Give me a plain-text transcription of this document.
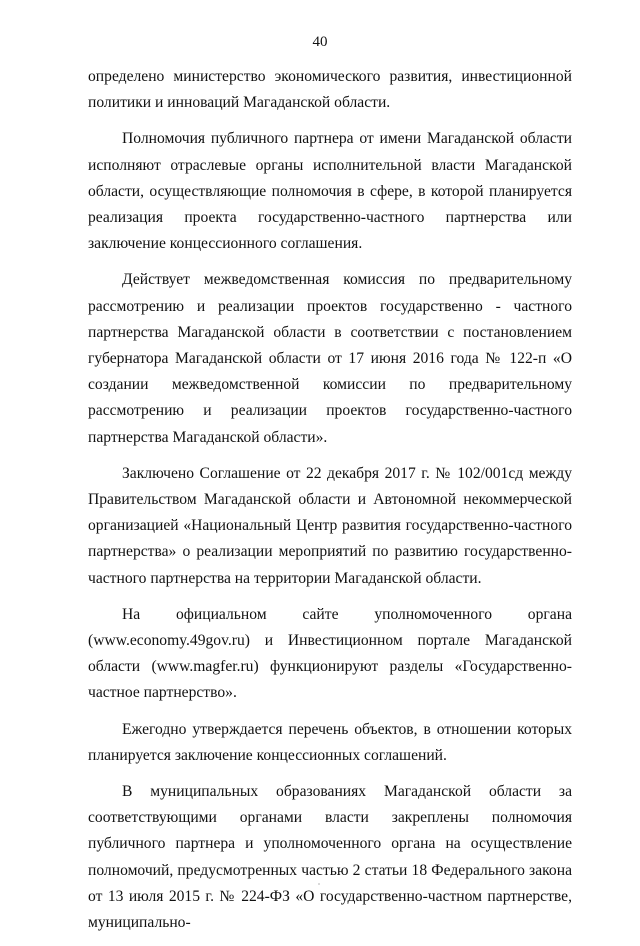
40

определено министерство экономического развития, инвестиционной политики и инноваций Магаданской области.

Полномочия публичного партнера от имени Магаданской области исполняют отраслевые органы исполнительной власти Магаданской области, осуществляющие полномочия в сфере, в которой планируется реализация проекта государственно-частного партнерства или заключение концессионного соглашения.

Действует межведомственная комиссия по предварительному рассмотрению и реализации проектов государственно - частного партнерства Магаданской области в соответствии с постановлением губернатора Магаданской области от 17 июня 2016 года № 122-п «О создании межведомственной комиссии по предварительному рассмотрению и реализации проектов государственно-частного партнерства Магаданской области».

Заключено Соглашение от 22 декабря 2017 г. № 102/001сд между Правительством Магаданской области и Автономной некоммерческой организацией «Национальный Центр развития государственно-частного партнерства» о реализации мероприятий по развитию государственно-частного партнерства на территории Магаданской области.

На официальном сайте уполномоченного органа (www.economy.49gov.ru) и Инвестиционном портале Магаданской области (www.magfer.ru) функционируют разделы «Государственно-частное партнерство».

Ежегодно утверждается перечень объектов, в отношении которых планируется заключение концессионных соглашений.

В муниципальных образованиях Магаданской области за соответствующими органами власти закреплены полномочия публичного партнера и уполномоченного органа на осуществление полномочий, предусмотренных частью 2 статьи 18 Федерального закона от 13 июля 2015 г. № 224-ФЗ «О государственно-частном партнерстве, муниципально-
